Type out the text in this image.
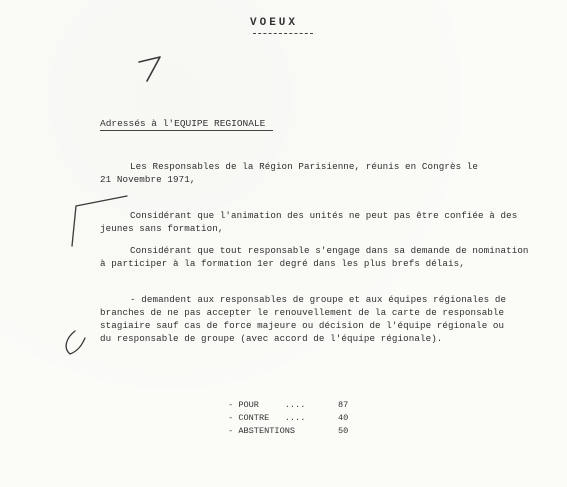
VOEUX
Adressés à l'EQUIPE REGIONALE
Les Responsables de la Région Parisienne, réunis en Congrès le
21 Novembre 1971,
Considérant que l'animation des unités ne peut pas être confiée à des
jeunes sans formation,
Considérant que tout responsable s'engage dans sa demande de nomination
à participer à la formation 1er degré dans les plus brefs délais,
- demandent aux responsables de groupe et aux équipes régionales de
branches de ne pas accepter le renouvellement de la carte de responsable
stagiaire sauf cas de force majeure ou décision de l'équipe régionale ou
du responsable de groupe (avec accord de l'équipe régionale).
- POUR     ....	87
- CONTRE   ....	40
- ABSTENTIONS	50
